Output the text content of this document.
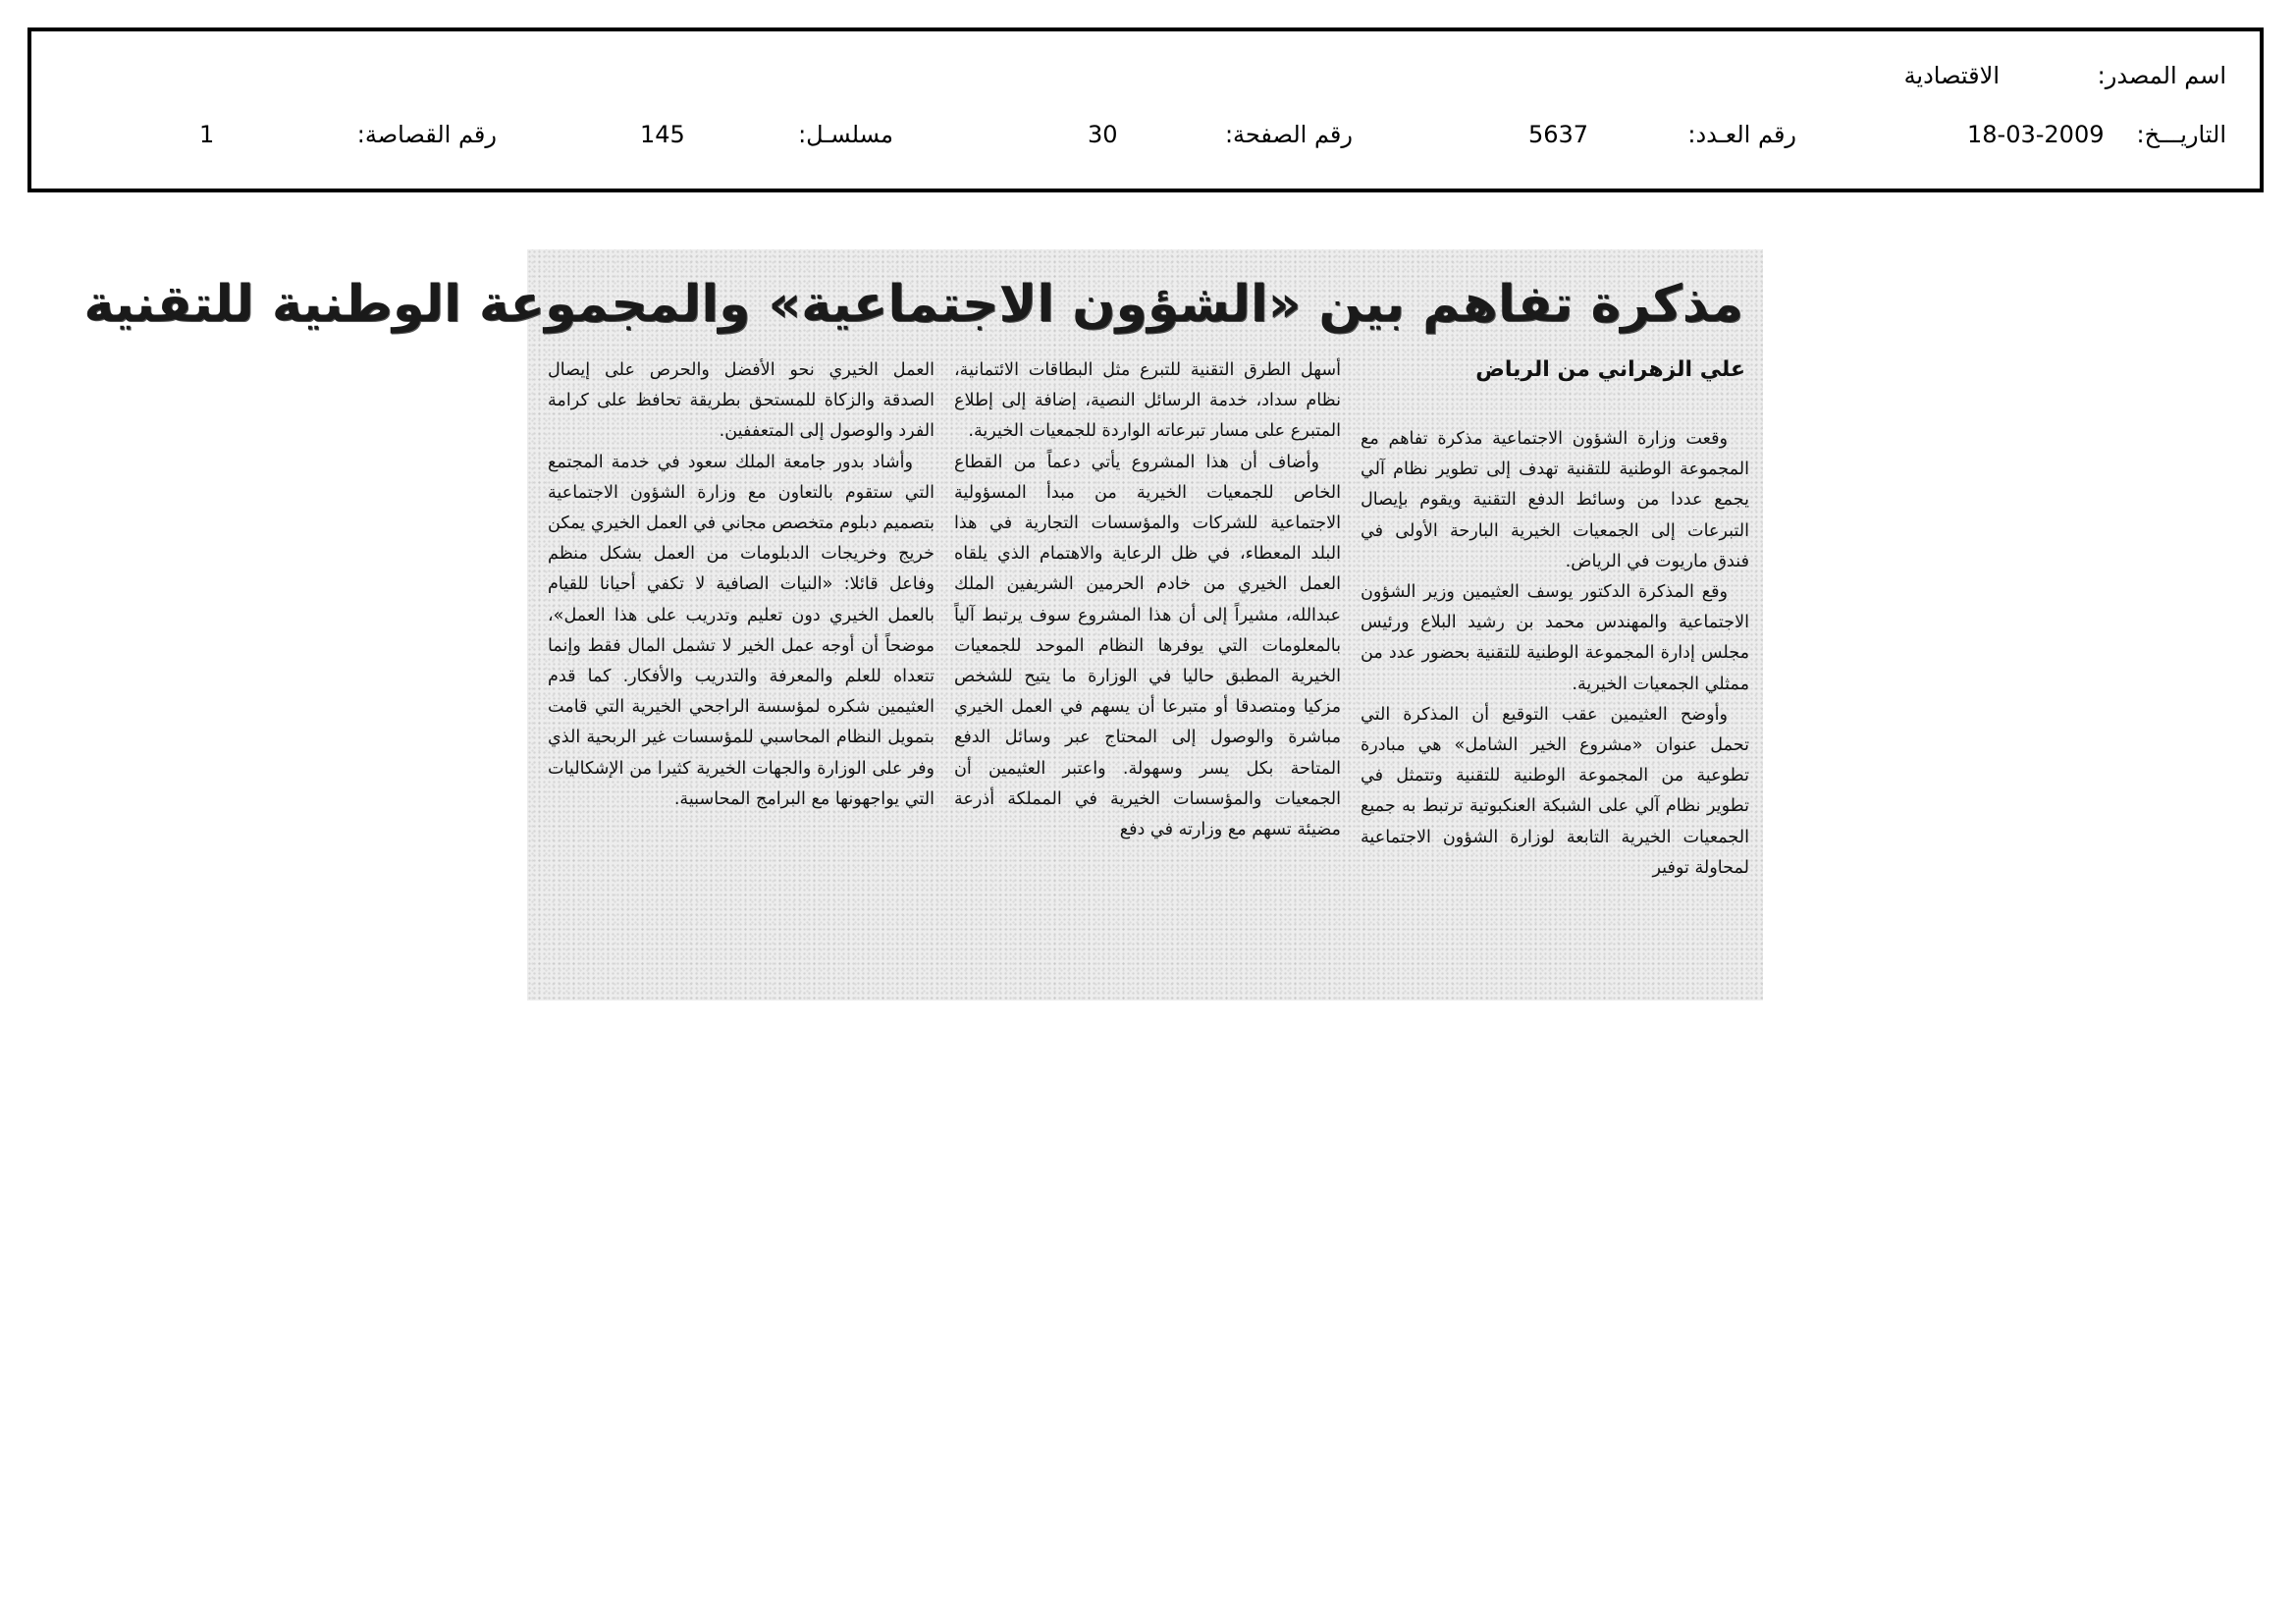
اسم المصدر:
الاقتصادية
التاريـــخ:
18-03-2009
رقم العـدد:
5637
رقم الصفحة:
30
مسلسـل:
145
رقم القصاصة:
1
مذكرة تفاهم بين «الشؤون الاجتماعية» والمجموعة الوطنية للتقنية
علي الزهراني من الرياض

وقعت وزارة الشؤون الاجتماعية مذكرة تفاهم مع المجموعة الوطنية للتقنية تهدف إلى تطوير نظام آلي يجمع عددا من وسائط الدفع التقنية ويقوم بإيصال التبرعات إلى الجمعيات الخيرية البارحة الأولى في فندق ماريوت في الرياض.

وقع المذكرة الدكتور يوسف العثيمين وزير الشؤون الاجتماعية والمهندس محمد بن رشيد البلاع ورئيس مجلس إدارة المجموعة الوطنية للتقنية بحضور عدد من ممثلي الجمعيات الخيرية.

وأوضح العثيمين عقب التوقيع أن المذكرة التي تحمل عنوان «مشروع الخير الشامل» هي مبادرة تطوعية من المجموعة الوطنية للتقنية وتتمثل في تطوير نظام آلي على الشبكة العنكبوتية ترتبط به جميع الجمعيات الخيرية التابعة لوزارة الشؤون الاجتماعية لمحاولة توفير

أسهل الطرق التقنية للتبرع مثل البطاقات الائتمانية، نظام سداد، خدمة الرسائل النصية، إضافة إلى إطلاع المتبرع على مسار تبرعاته الواردة للجمعيات الخيرية.

وأضاف أن هذا المشروع يأتي دعماً من القطاع الخاص للجمعيات الخيرية من مبدأ المسؤولية الاجتماعية للشركات والمؤسسات التجارية في هذا البلد المعطاء، في ظل الرعاية والاهتمام الذي يلقاه العمل الخيري من خادم الحرمين الشريفين الملك عبدالله، مشيراً إلى أن هذا المشروع سوف يرتبط آلياً بالمعلومات التي يوفرها النظام الموحد للجمعيات الخيرية المطبق حاليا في الوزارة ما يتيح للشخص مزكيا ومتصدقا أو متبرعا أن يسهم في العمل الخيري مباشرة والوصول إلى المحتاج عبر وسائل الدفع المتاحة بكل يسر وسهولة. واعتبر العثيمين أن الجمعيات والمؤسسات الخيرية في المملكة أذرعة مضيئة تسهم مع وزارته في دفع

العمل الخيري نحو الأفضل والحرص على إيصال الصدقة والزكاة للمستحق بطريقة تحافظ على كرامة الفرد والوصول إلى المتعففين.

وأشاد بدور جامعة الملك سعود في خدمة المجتمع التي ستقوم بالتعاون مع وزارة الشؤون الاجتماعية بتصميم دبلوم متخصص مجاني في العمل الخيري يمكن خريج وخريجات الدبلومات من العمل بشكل منظم وفاعل قائلا: «النيات الصافية لا تكفي أحيانا للقيام بالعمل الخيري دون تعليم وتدريب على هذا العمل»، موضحاً أن أوجه عمل الخير لا تشمل المال فقط وإنما تتعداه للعلم والمعرفة والتدريب والأفكار. كما قدم العثيمين شكره لمؤسسة الراجحي الخيرية التي قامت بتمويل النظام المحاسبي للمؤسسات غير الربحية الذي وفر على الوزارة والجهات الخيرية كثيرا من الإشكاليات التي يواجهونها مع البرامج المحاسبية.
